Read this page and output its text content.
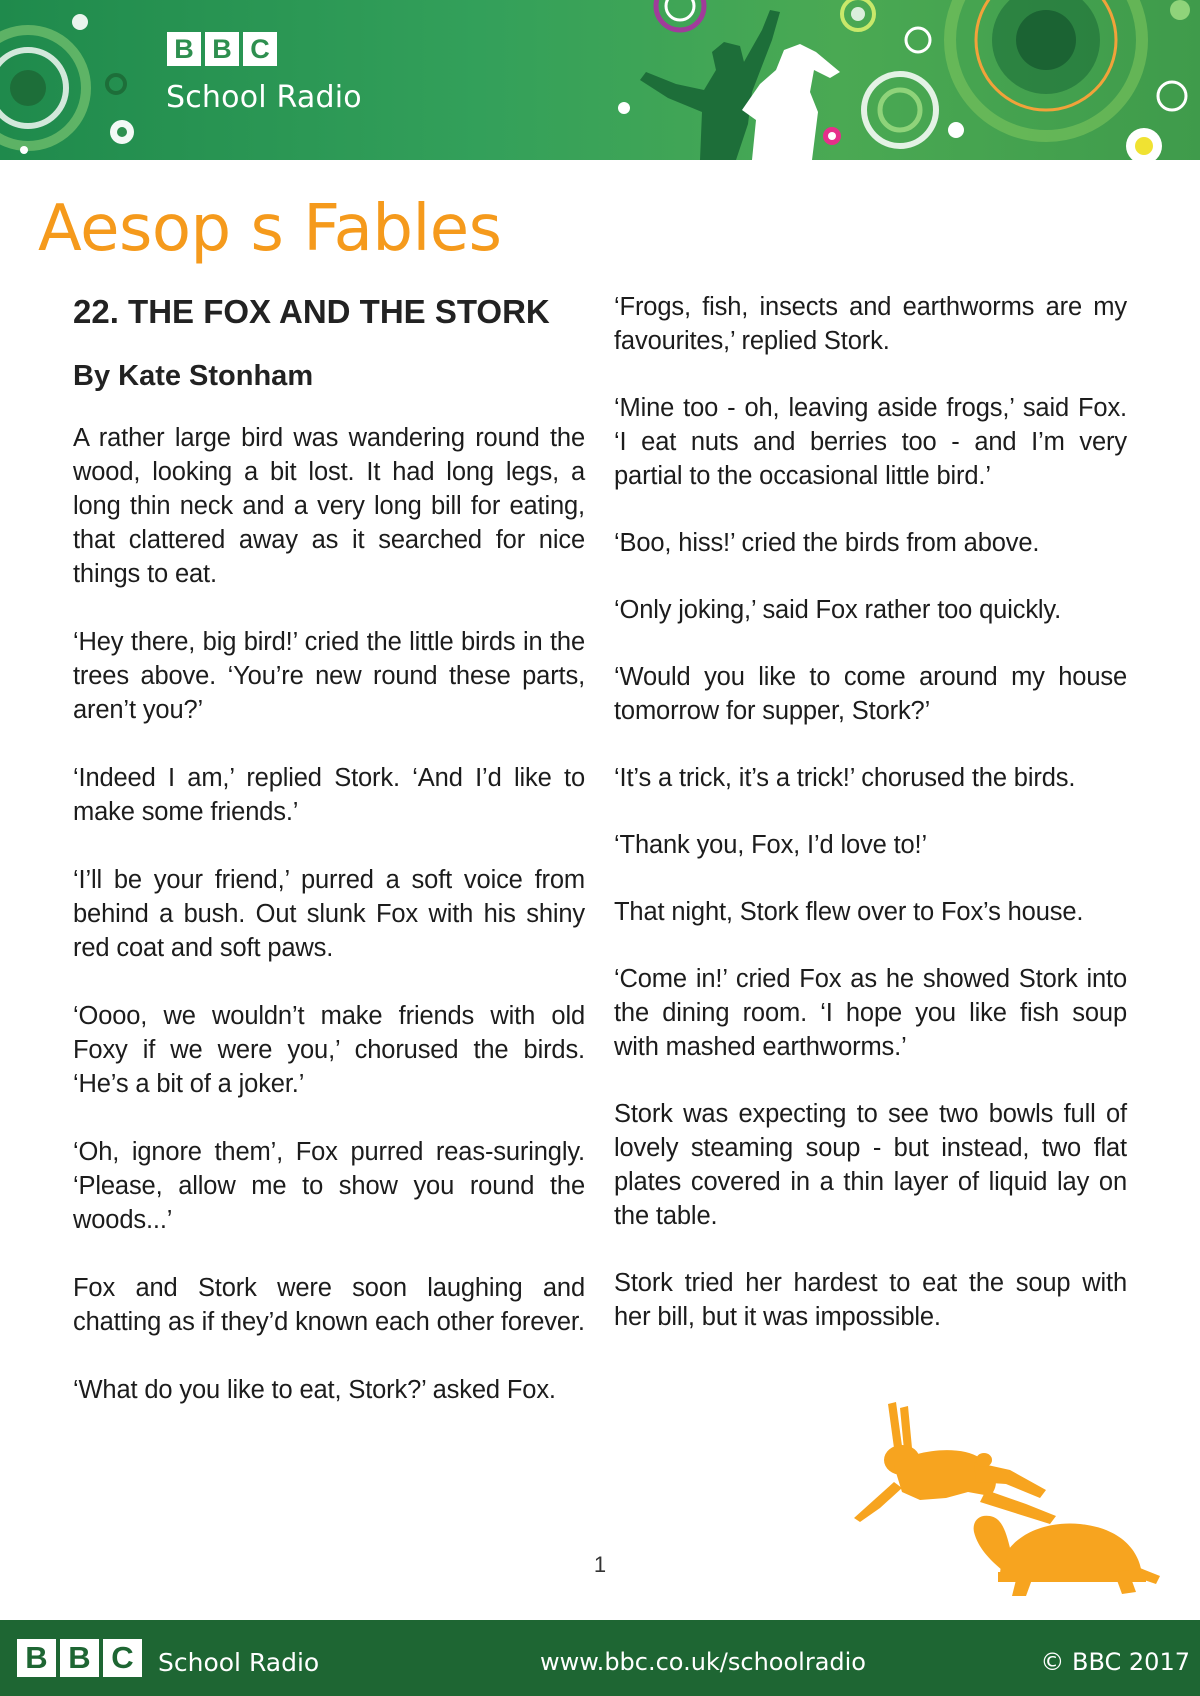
B B C
School Radio
Aesop s Fables
22. THE FOX AND THE STORK
By Kate Stonham

A rather large bird was wandering round the wood, looking a bit lost. It had long legs, a long thin neck and a very long bill for eating, that clattered away as it searched for nice things to eat.

‘Hey there, big bird!’ cried the little birds in the trees above. ‘You’re new round these parts, aren’t you?’

‘Indeed I am,’ replied Stork. ‘And I’d like to make some friends.’

‘I’ll be your friend,’ purred a soft voice from behind a bush. Out slunk Fox with his shiny red coat and soft paws.

‘Oooo, we wouldn’t make friends with old Foxy if we were you,’ chorused the birds. ‘He’s a bit of a joker.’

‘Oh, ignore them’, Fox purred reas-suringly. ‘Please, allow me to show you round the woods...’

Fox and Stork were soon laughing and chatting as if they’d known each other forever.

‘What do you like to eat, Stork?’ asked Fox.

‘Frogs, fish, insects and earthworms are my favourites,’ replied Stork.

‘Mine too - oh, leaving aside frogs,’ said Fox. ‘I eat nuts and berries too - and I’m very partial to the occasional little bird.’

‘Boo, hiss!’ cried the birds from above.

‘Only joking,’ said Fox rather too quickly.

‘Would you like to come around my house tomorrow for supper, Stork?’

‘It’s a trick, it’s a trick!’ chorused the birds.

‘Thank you, Fox, I’d love to!’

That night, Stork flew over to Fox’s house.

‘Come in!’ cried Fox as he showed Stork into the dining room. ‘I hope you like fish soup with mashed earthworms.’

Stork was expecting to see two bowls full of lovely steaming soup - but instead, two flat plates covered in a thin layer of liquid lay on the table.

Stork tried her hardest to eat the soup with her bill, but it was impossible.

1
B B C School Radio	www.bbc.co.uk/schoolradio	© BBC 2017
